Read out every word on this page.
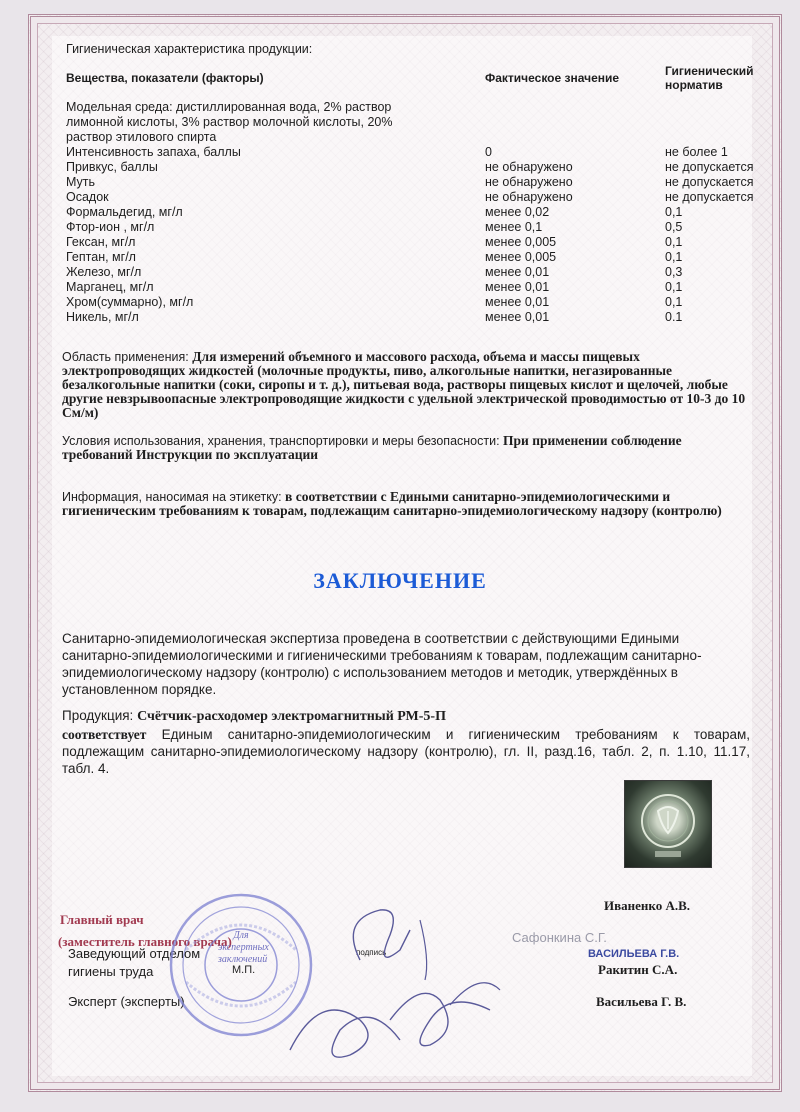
Гигиеническая характеристика продукции:
Вещества, показатели (факторы)	Фактическое значение	Гигиенический норматив
Модельная среда: дистиллированная вода, 2% раствор лимонной кислоты, 3% раствор молочной кислоты, 20% раствор этилового спирта		
Интенсивность запаха, баллы	0	не более 1
Привкус, баллы	не обнаружено	не допускается
Муть	не обнаружено	не допускается
Осадок	не обнаружено	не допускается
Формальдегид, мг/л	менее 0,02	0,1
Фтор-ион , мг/л	менее 0,1	0,5
Гексан, мг/л	менее 0,005	0,1
Гептан, мг/л	менее 0,005	0,1
Железо, мг/л	менее 0,01	0,3
Марганец, мг/л	менее 0,01	0,1
Хром(суммарно), мг/л	менее 0,01	0,1
Никель, мг/л	менее 0,01	0.1
Область применения: Для измерений объемного и массового расхода, объема и массы пищевых электропроводящих жидкостей (молочные продукты, пиво, алкогольные напитки, негазированные безалкогольные напитки (соки, сиропы и т. д.), питьевая вода, растворы пищевых кислот и щелочей, любые другие невзрывоопасные электропроводящие жидкости с удельной электрической проводимостью от 10-3 до 10 См/м)
Условия использования, хранения, транспортировки и меры безопасности: При применении соблюдение требований Инструкции по эксплуатации
Информация, наносимая на этикетку: в соответствии с Едиными санитарно-эпидемиологическими и гигиеническим требованиям к товарам, подлежащим санитарно-эпидемиологическому надзору (контролю)
ЗАКЛЮЧЕНИЕ
Санитарно-эпидемиологическая экспертиза проведена в соответствии с действующими Едиными санитарно-эпидемиологическими и гигиеническими требованиям к товарам, подлежащим санитарно-эпидемиологическому надзору (контролю) с использованием методов и методик, утверждённых в установленном порядке.
Продукция: Счётчик-расходомер электромагнитный РМ-5-П
соответствует Единым санитарно-эпидемиологическим и гигиеническим требованиям к товарам, подлежащим санитарно-эпидемиологическому надзору (контролю), гл. II, разд.16, табл. 2, п. 1.10, 11.17, табл. 4.
Главный врач
(заместитель главного врача)
Заведующий отделом
гигиены труда	М.П.
Эксперт (эксперты)
подпись
Иваненко А.В.
Сафонкина С.Г.
ВАСИЛЬЕВА Г.В.
Ракитин С.А.
Васильева Г. В.
Для
экспертных
заключений
